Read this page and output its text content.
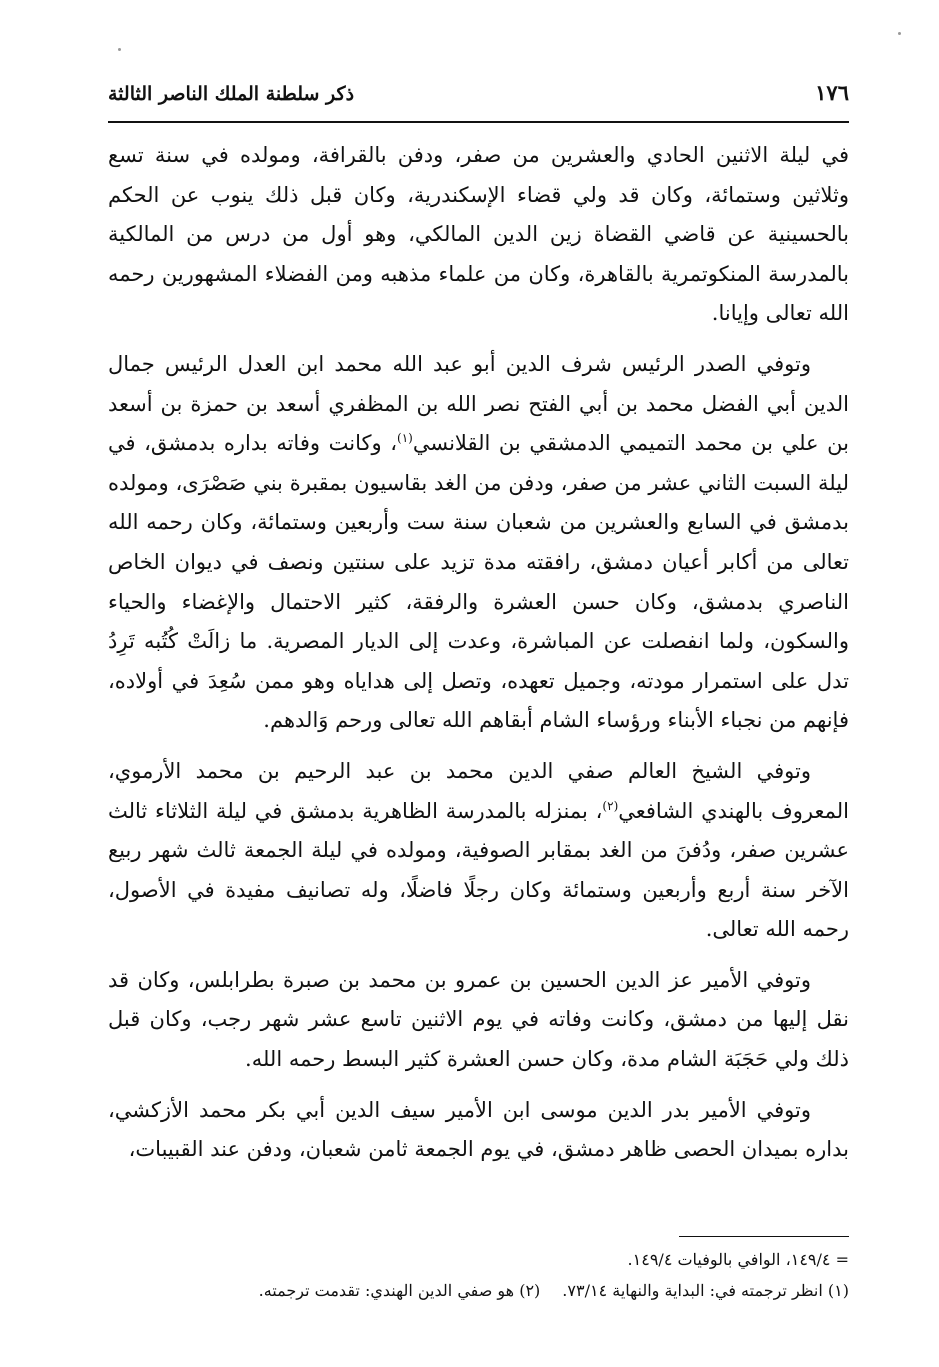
١٧٦
ذكر سلطنة الملك الناصر الثالثة

في ليلة الاثنين الحادي والعشرين من صفر، ودفن بالقرافة، ومولده في سنة تسع وثلاثين وستمائة، وكان قد ولي قضاء الإسكندرية، وكان قبل ذلك ينوب عن الحكم بالحسينية عن قاضي القضاة زين الدين المالكي، وهو أول من درس من المالكية بالمدرسة المنكوتمرية بالقاهرة، وكان من علماء مذهبه ومن الفضلاء المشهورين رحمه الله تعالى وإيانا.

وتوفي الصدر الرئيس شرف الدين أبو عبد الله محمد ابن العدل الرئيس جمال الدين أبي الفضل محمد بن أبي الفتح نصر الله بن المظفري أسعد بن حمزة بن أسعد بن علي بن محمد التميمي الدمشقي بن القلانسي$^{(١)}$، وكانت وفاته بداره بدمشق، في ليلة السبت الثاني عشر من صفر، ودفن من الغد بقاسيون بمقبرة بني صَصْرَى، ومولده بدمشق في السابع والعشرين من شعبان سنة ست وأربعين وستمائة، وكان رحمه الله تعالى من أكابر أعيان دمشق، رافقته مدة تزيد على سنتين ونصف في ديوان الخاص الناصري بدمشق، وكان حسن العشرة والرفقة، كثير الاحتمال والإغضاء والحياء والسكون، ولما انفصلت عن المباشرة، وعدت إلى الديار المصرية. ما زالَتْ كُتُبه تَرِدُ تدل على استمرار مودته، وجميل تعهده، وتصل إلى هداياه وهو ممن سُعِدَ في أولاده، فإنهم من نجباء الأبناء ورؤساء الشام أبقاهم الله تعالى ورحم وَالدهم.

وتوفي الشيخ العالم صفي الدين محمد بن عبد الرحيم بن محمد الأرموي، المعروف بالهندي الشافعي$^{(٢)}$، بمنزله بالمدرسة الظاهرية بدمشق في ليلة الثلاثاء ثالث عشرين صفر، ودُفنَ من الغد بمقابر الصوفية، ومولده في ليلة الجمعة ثالث شهر ربيع الآخر سنة أربع وأربعين وستمائة وكان رجلًا فاضلًا، وله تصانيف مفيدة في الأصول، رحمه الله تعالى.

وتوفي الأمير عز الدين الحسين بن عمرو بن محمد بن صبرة بطرابلس، وكان قد نقل إليها من دمشق، وكانت وفاته في يوم الاثنين تاسع عشر شهر رجب، وكان قبل ذلك ولي حَجَبَة الشام مدة، وكان حسن العشرة كثير البسط رحمه الله.

وتوفي الأمير بدر الدين موسى ابن الأمير سيف الدين أبي بكر محمد الأزكشي، بداره بميدان الحصى ظاهر دمشق، في يوم الجمعة ثامن شعبان، ودفن عند القبيبات،

= ١٤٩/٤، الوافي بالوفيات ١٤٩/٤.
(١) انظر ترجمته في: البداية والنهاية ٧٣/١٤.(٢) هو صفي الدين الهندي: تقدمت ترجمته.
